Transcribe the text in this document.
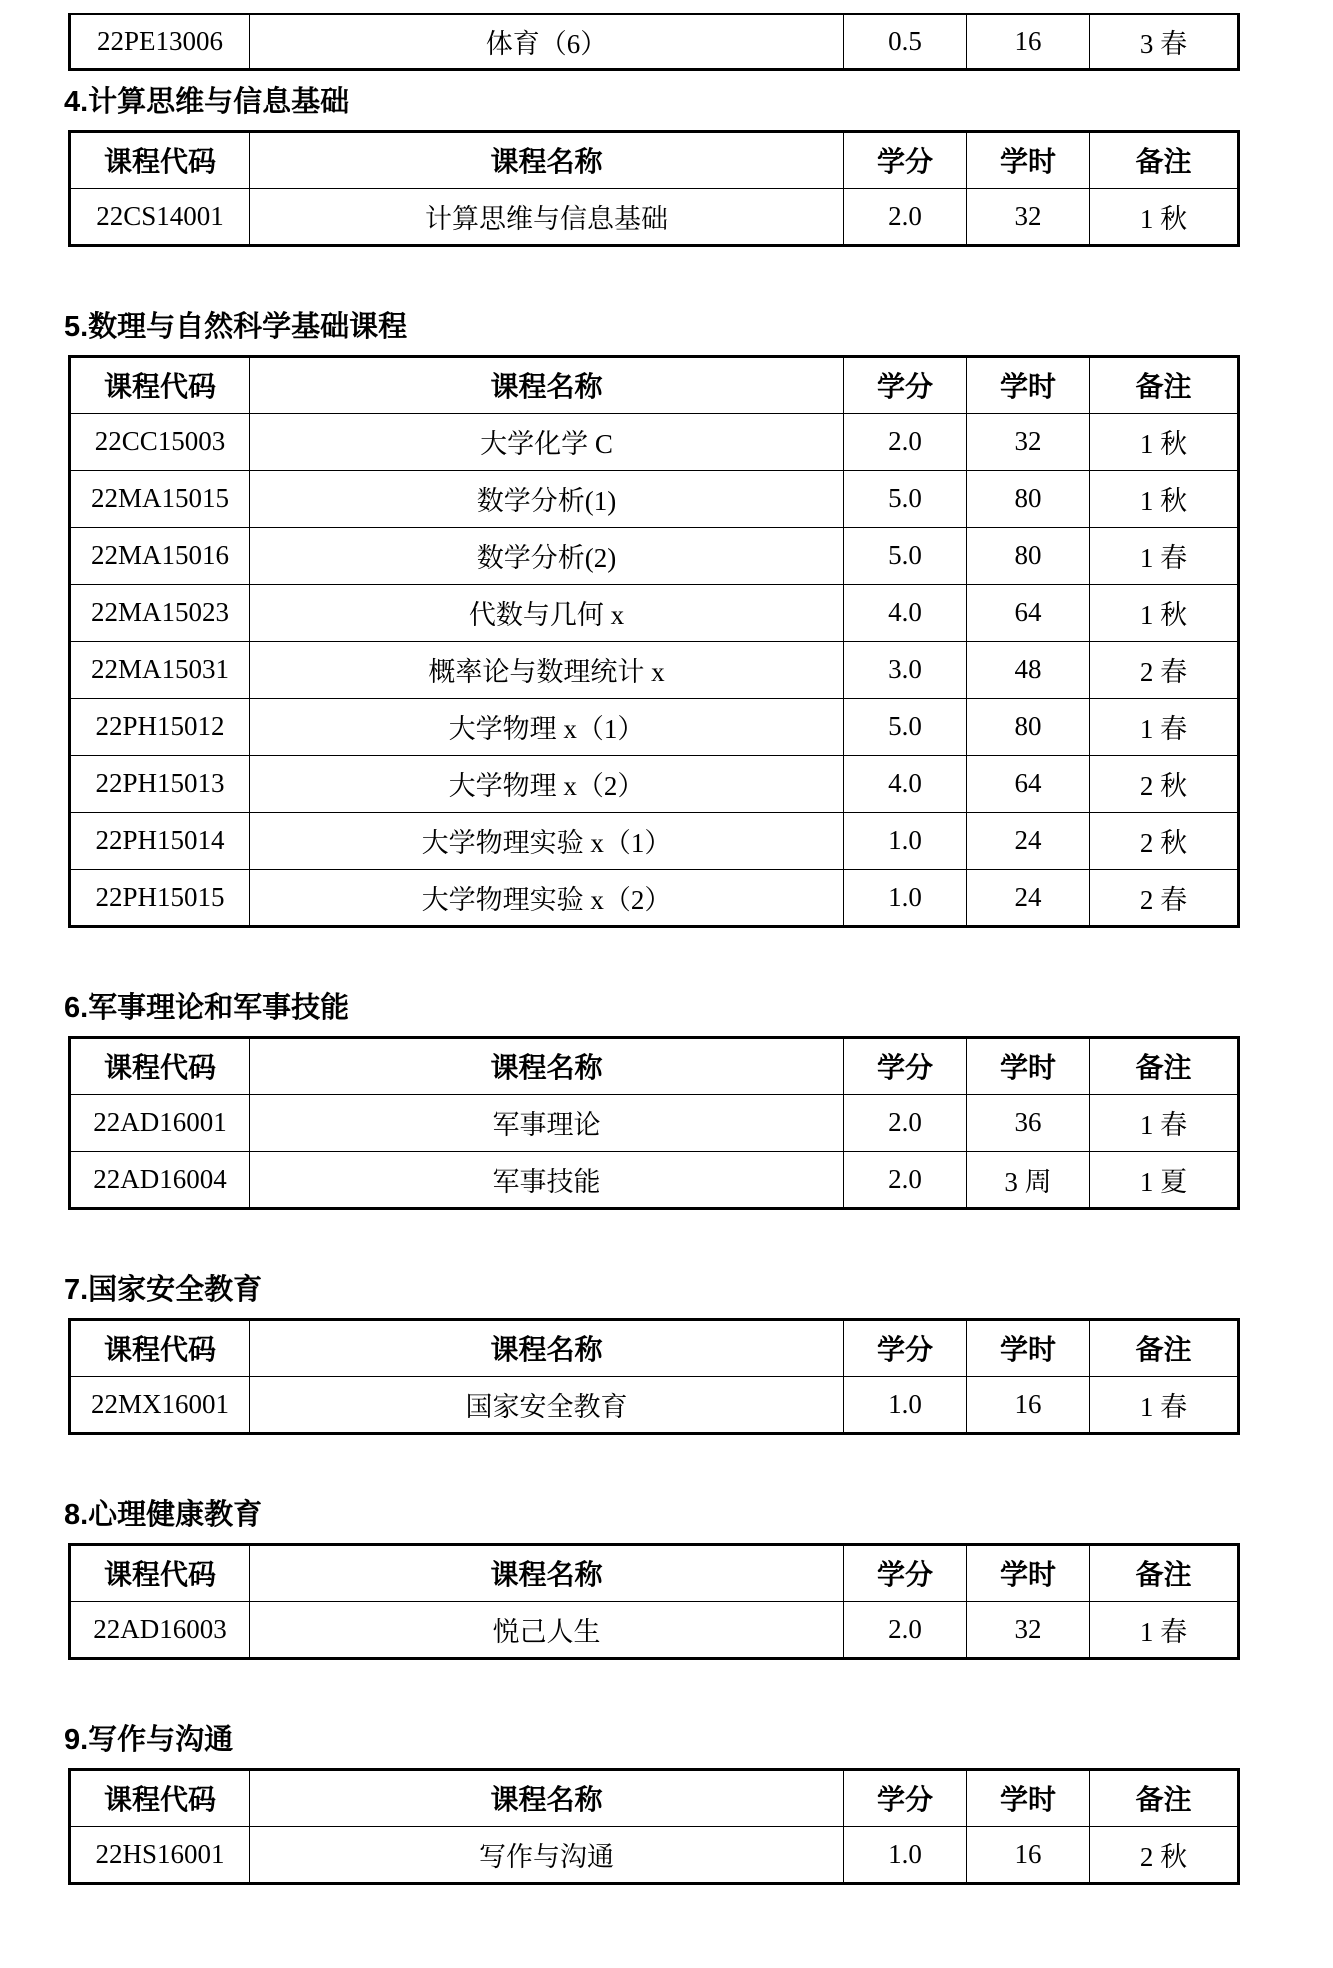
22PE13006	体育（6）	0.5	16	3 春
4.计算思维与信息基础
课程代码	课程名称	学分	学时	备注
22CS14001	计算思维与信息基础	2.0	32	1 秋
5.数理与自然科学基础课程
课程代码	课程名称	学分	学时	备注
22CC15003	大学化学 C	2.0	32	1 秋
22MA15015	数学分析(1)	5.0	80	1 秋
22MA15016	数学分析(2)	5.0	80	1 春
22MA15023	代数与几何 x	4.0	64	1 秋
22MA15031	概率论与数理统计 x	3.0	48	2 春
22PH15012	大学物理 x（1）	5.0	80	1 春
22PH15013	大学物理 x（2）	4.0	64	2 秋
22PH15014	大学物理实验 x（1）	1.0	24	2 秋
22PH15015	大学物理实验 x（2）	1.0	24	2 春
6.军事理论和军事技能
课程代码	课程名称	学分	学时	备注
22AD16001	军事理论	2.0	36	1 春
22AD16004	军事技能	2.0	3 周	1 夏
7.国家安全教育
课程代码	课程名称	学分	学时	备注
22MX16001	国家安全教育	1.0	16	1 春
8.心理健康教育
课程代码	课程名称	学分	学时	备注
22AD16003	悦己人生	2.0	32	1 春
9.写作与沟通
课程代码	课程名称	学分	学时	备注
22HS16001	写作与沟通	1.0	16	2 秋
